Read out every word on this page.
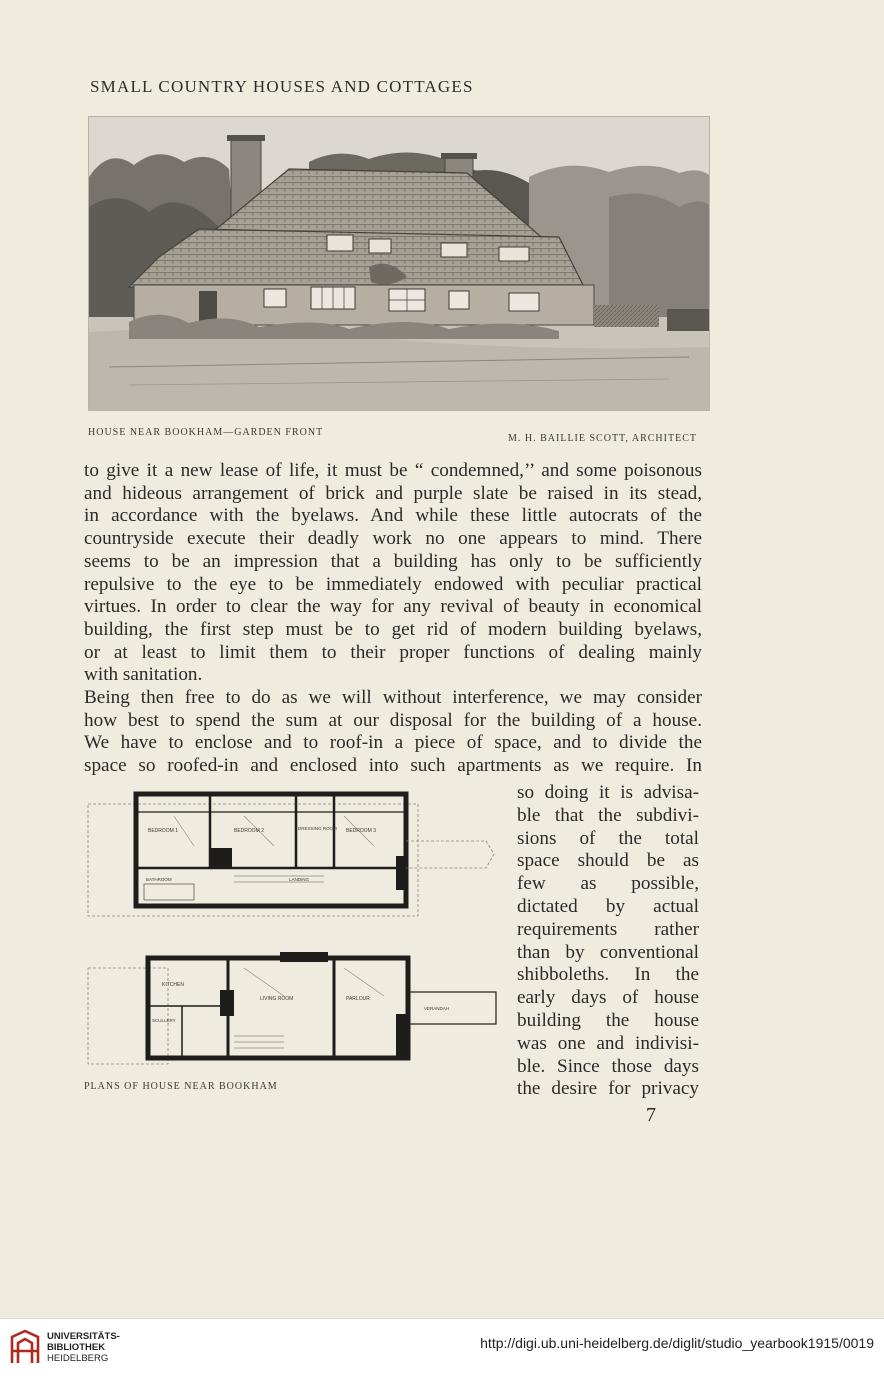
SMALL COUNTRY HOUSES AND COTTAGES
HOUSE NEAR BOOKHAM—GARDEN FRONT
M. H. BAILLIE SCOTT, ARCHITECT
to give it a new lease of life, it must be “ condemned,’’ and some poisonous
and hideous arrangement of brick and purple slate be raised in its stead,
in accordance with the byelaws. And while these little autocrats of the
countryside execute their deadly work no one appears to mind. There
seems to be an impression that a building has only to be sufficiently
repulsive to the eye to be immediately endowed with peculiar practical
virtues. In order to clear the way for any revival of beauty in economical
building, the first step must be to get rid of modern building byelaws,
or at least to limit them to their proper functions of dealing mainly
with sanitation.
Being then free to do as we will without interference, we may consider
how best to spend the sum at our disposal for the building of a house.
We have to enclose and to roof-in a piece of space, and to divide the
space so roofed-in and enclosed into such apartments as we require. In
BEDROOM 1	BEDROOM 2	DRESSING ROOM BEDROOM 3
LANDING
BATHROOM
KITCHEN
LIVING ROOM	PARLOUR
SCULLERY
VERANDAH
PLANS OF HOUSE NEAR BOOKHAM
so doing it is advisa-
ble that the subdivi-
sions of the total
space should be as
few as possible,
dictated by actual
requirements rather
than by conventional
shibboleths. In the
early days of house
building the house
was one and indivisi-
ble. Since those days
the desire for privacy
7
UNIVERSITÄTS-
BIBLIOTHEK
HEIDELBERG
http://digi.ub.uni-heidelberg.de/diglit/studio_yearbook1915/0019
